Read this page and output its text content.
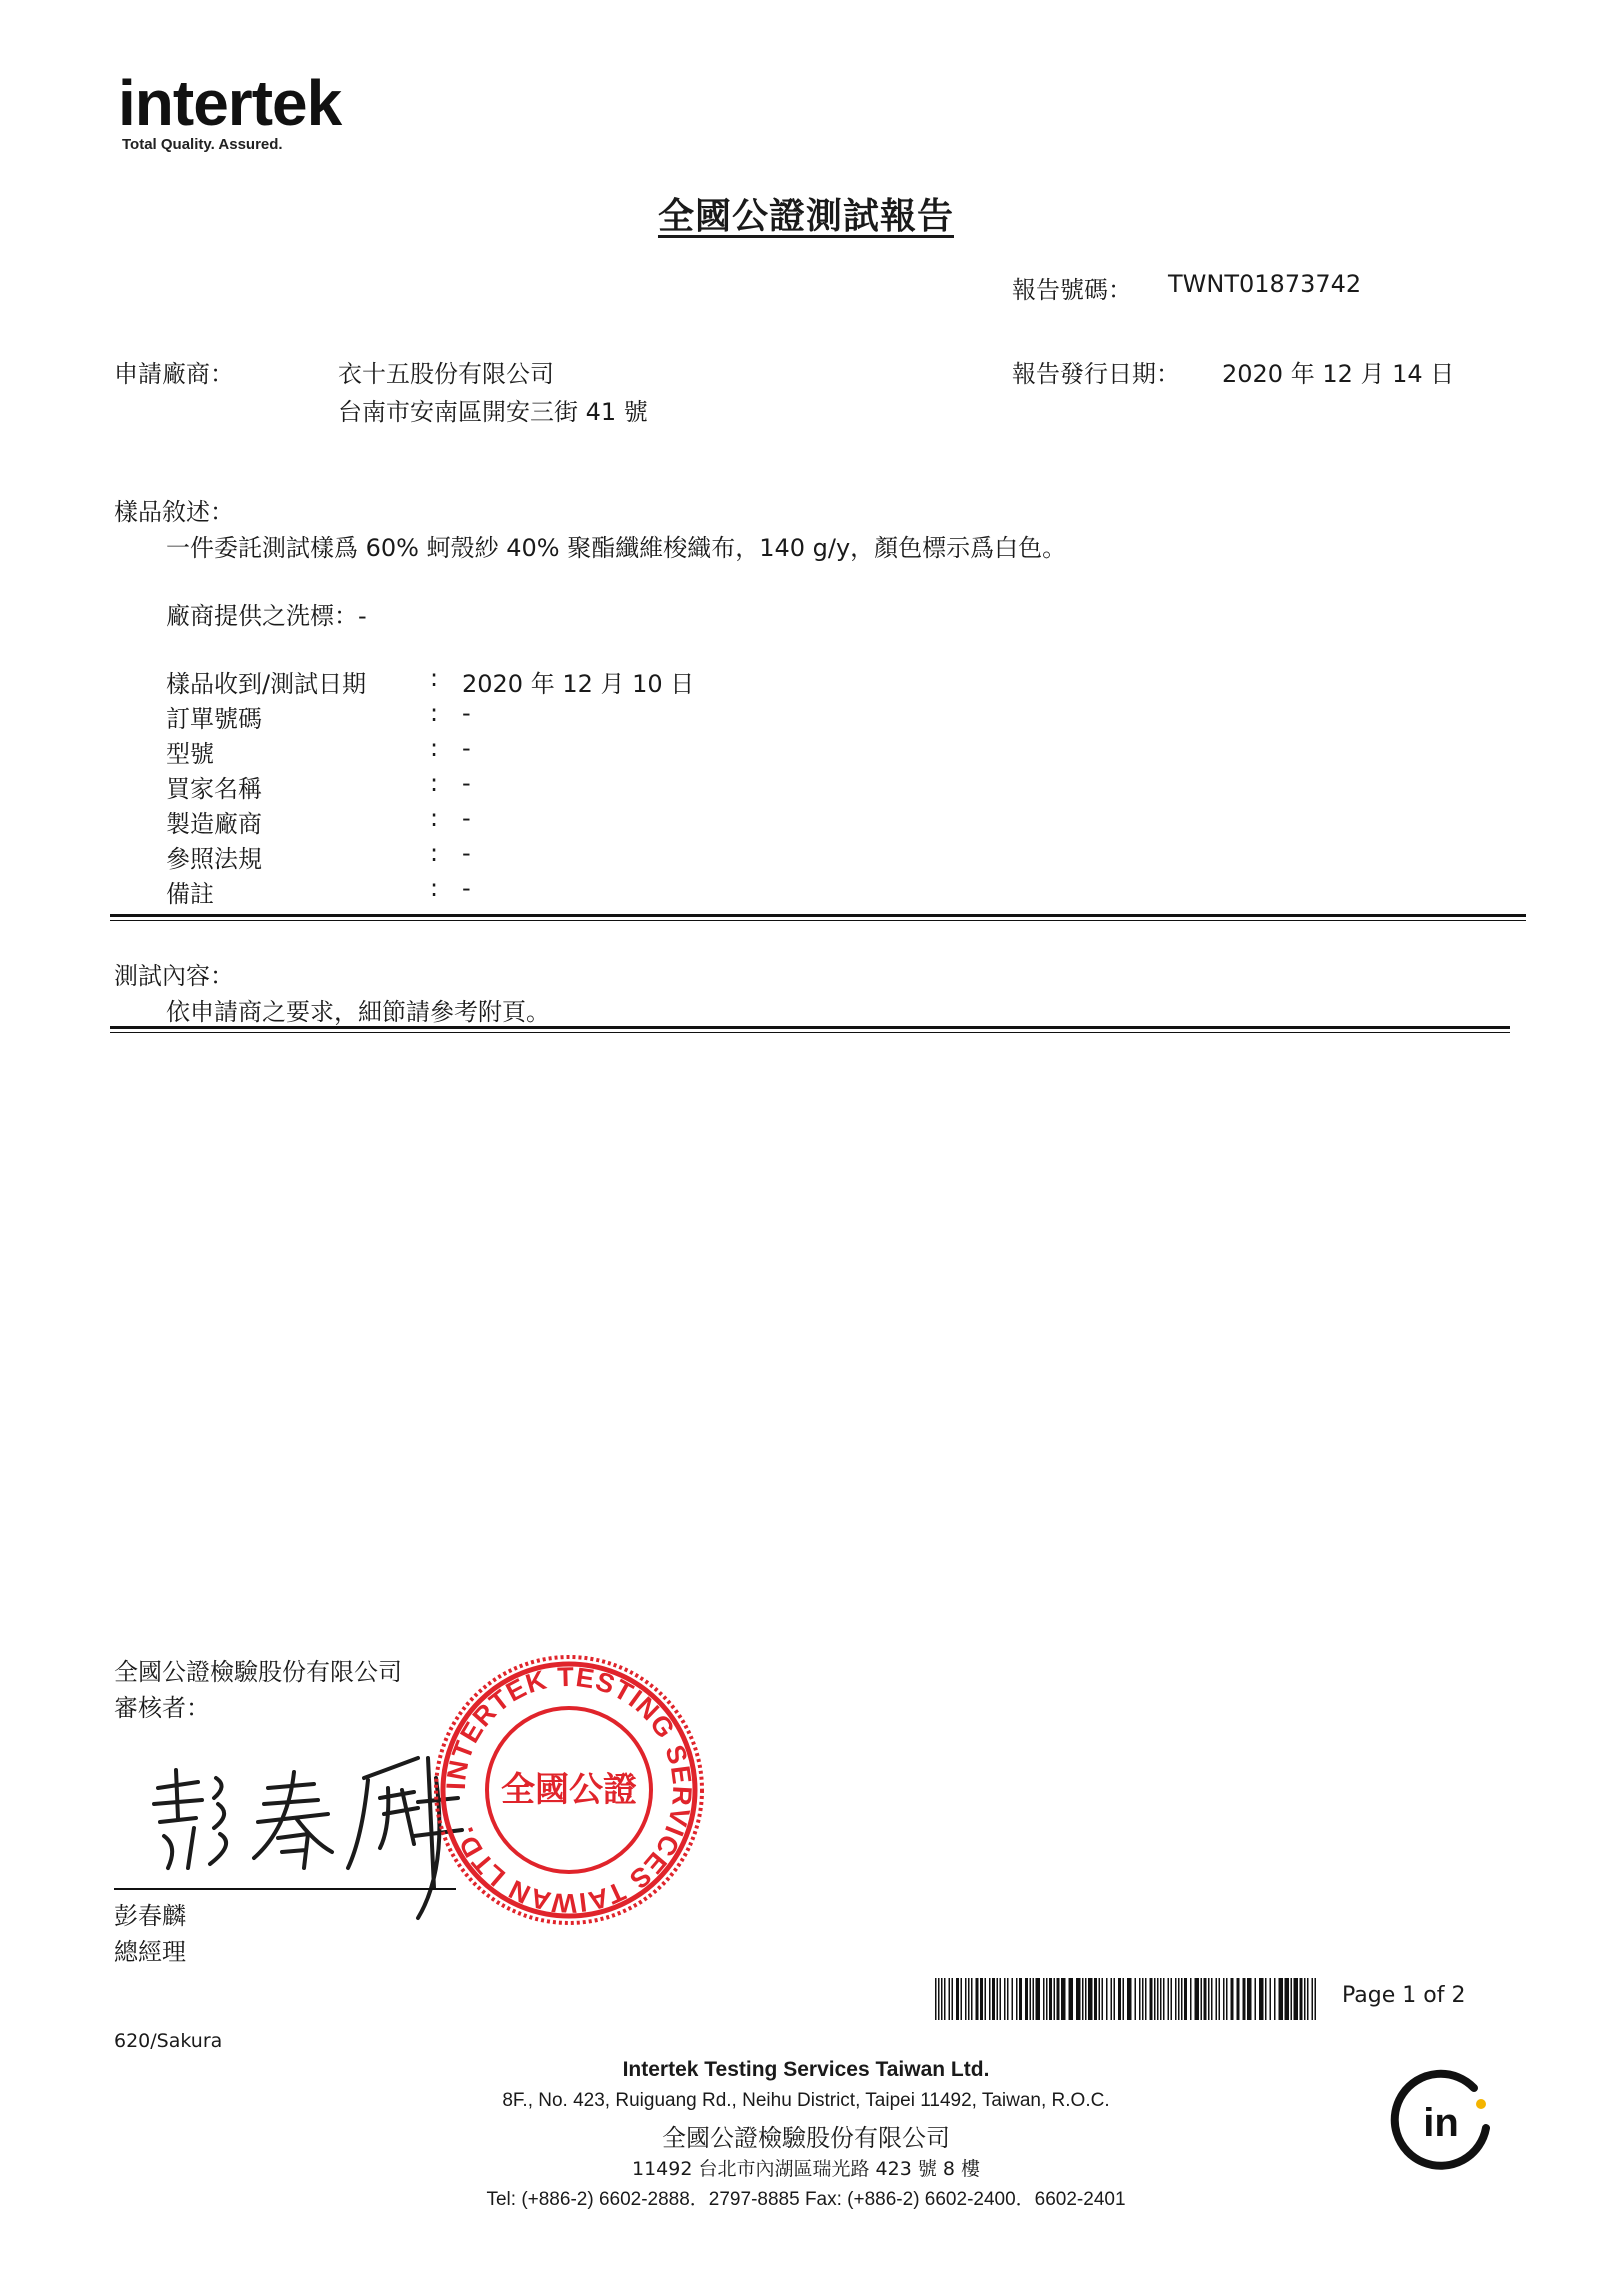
intertek
Total Quality. Assured.
全國公證測試報告
報告號碼： TWNT01873742
申請廠商：	衣十五股份有限公司
台南市安南區開安三街 41 號
報告發行日期： 2020 年 12 月 14 日
樣品敘述：
一件委託測試樣爲 60% 蚵殼紗 40% 聚酯纖維梭織布，140 g/y，顏色標示爲白色。
廠商提供之洗標：-
樣品收到/測試日期	: 2020 年 12 月 10 日
訂單號碼	: -
型號	: -
買家名稱	: -
製造廠商	: -
參照法規	: -
備註	: -
測試內容：
依申請商之要求，細節請參考附頁。
全國公證檢驗股份有限公司
審核者：
彭春麟
總經理
INTERTEK TESTING SERVICES TAIWAN LTD.
全國公證
Page 1 of 2
620/Sakura
Intertek Testing Services Taiwan Ltd.
8F., No. 423, Ruiguang Rd., Neihu District, Taipei 11492, Taiwan, R.O.C.
全國公證檢驗股份有限公司
11492 台北市內湖區瑞光路 423 號 8 樓
Tel: (+886-2) 6602-2888．2797-8885 Fax: (+886-2) 6602-2400．6602-2401
in
